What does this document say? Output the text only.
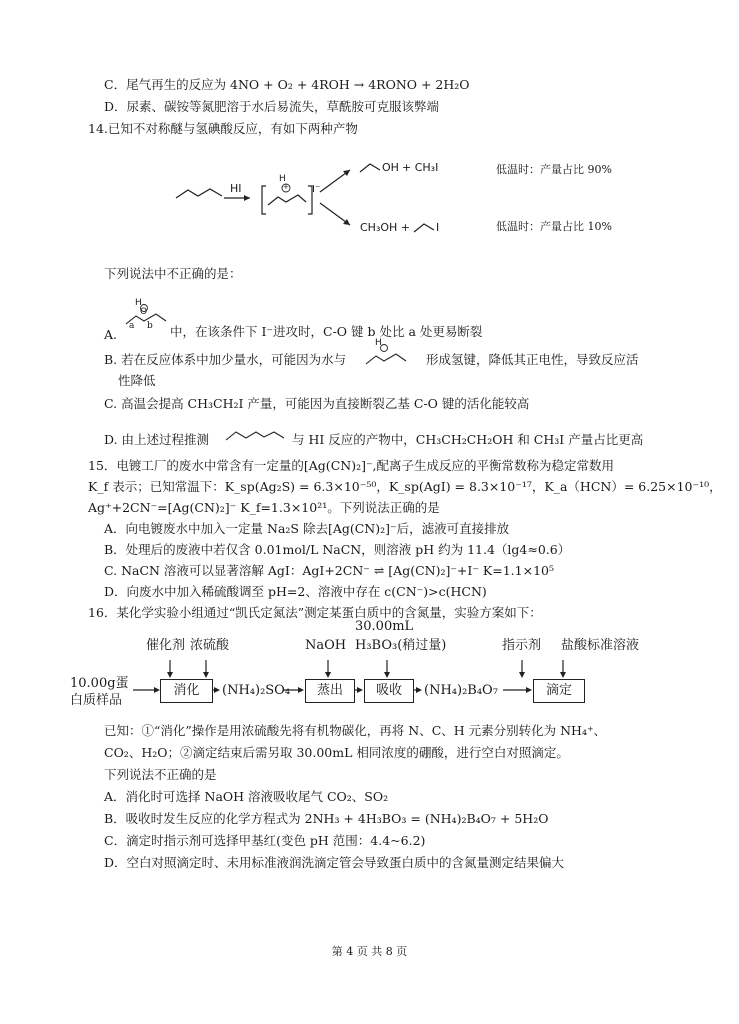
C．尾气再生的反应为 4NO + O₂ + 4ROH → 4RONO + 2H₂O
D．尿素、碳铵等氮肥溶于水后易流失，草酰胺可克服该弊端
14.已知不对称醚与氢碘酸反应，有如下两种产物
HI
H
+ I⁻
OH + CH₃I	低温时：产量占比 90%
CH₃OH + I	低温时：产量占比 10%
下列说法中不正确的是：
A.
H
O
a b 中，在该条件下 I⁻进攻时，C-O 键 b 处比 a 处更易断裂
B. 若在反应体系中加少量水，可能因为水与
H
形成氢键，降低其正电性，导致反应活
性降低
C. 高温会提高 CH₃CH₂I 产量，可能因为直接断裂乙基 C-O 键的活化能较高
D. 由上述过程推测	与 HI 反应的产物中，CH₃CH₂CH₂OH 和 CH₃I 产量占比更高
15．电镀工厂的废水中常含有一定量的[Ag(CN)₂]⁻,配离子生成反应的平衡常数称为稳定常数用
K_f 表示；已知常温下：K_sp(Ag₂S) = 6.3×10⁻⁵⁰，K_sp(AgI) = 8.3×10⁻¹⁷，K_a（HCN）= 6.25×10⁻¹⁰，
Ag⁺+2CN⁻=[Ag(CN)₂]⁻ K_f=1.3×10²¹。下列说法正确的是
A．向电镀废水中加入一定量 Na₂S 除去[Ag(CN)₂]⁻后，滤液可直接排放
B．处理后的废液中若仅含 0.01mol/L NaCN，则溶液 pH 约为 11.4（lg4≈0.6）
C. NaCN 溶液可以显著溶解 AgI：AgI+2CN⁻ ⇌ [Ag(CN)₂]⁻+I⁻ K=1.1×10⁵
D．向废水中加入稀硫酸调至 pH=2、溶液中存在 c(CN⁻)>c(HCN)
16．某化学实验小组通过“凯氏定氮法”测定某蛋白质中的含氮量，实验方案如下：
催化剂 浓硫酸	NaOH
30.00mL
H₃BO₃(稍过量)	指示剂 盐酸标准溶液
10.00g蛋
白质样品
消化	(NH₄)₂SO₄	蒸出	吸收	(NH₄)₂B₄O₇	滴定
已知：①“消化”操作是用浓硫酸先将有机物碳化，再将 N、C、H 元素分别转化为 NH₄⁺、
CO₂、H₂O；②滴定结束后需另取 30.00mL 相同浓度的硼酸，进行空白对照滴定。
下列说法不正确的是
A．消化时可选择 NaOH 溶液吸收尾气 CO₂、SO₂
B．吸收时发生反应的化学方程式为 2NH₃ + 4H₃BO₃ = (NH₄)₂B₄O₇ + 5H₂O
C．滴定时指示剂可选择甲基红(变色 pH 范围：4.4~6.2)
D．空白对照滴定时、未用标准液润洗滴定管会导致蛋白质中的含氮量测定结果偏大
第 4 页 共 8 页
